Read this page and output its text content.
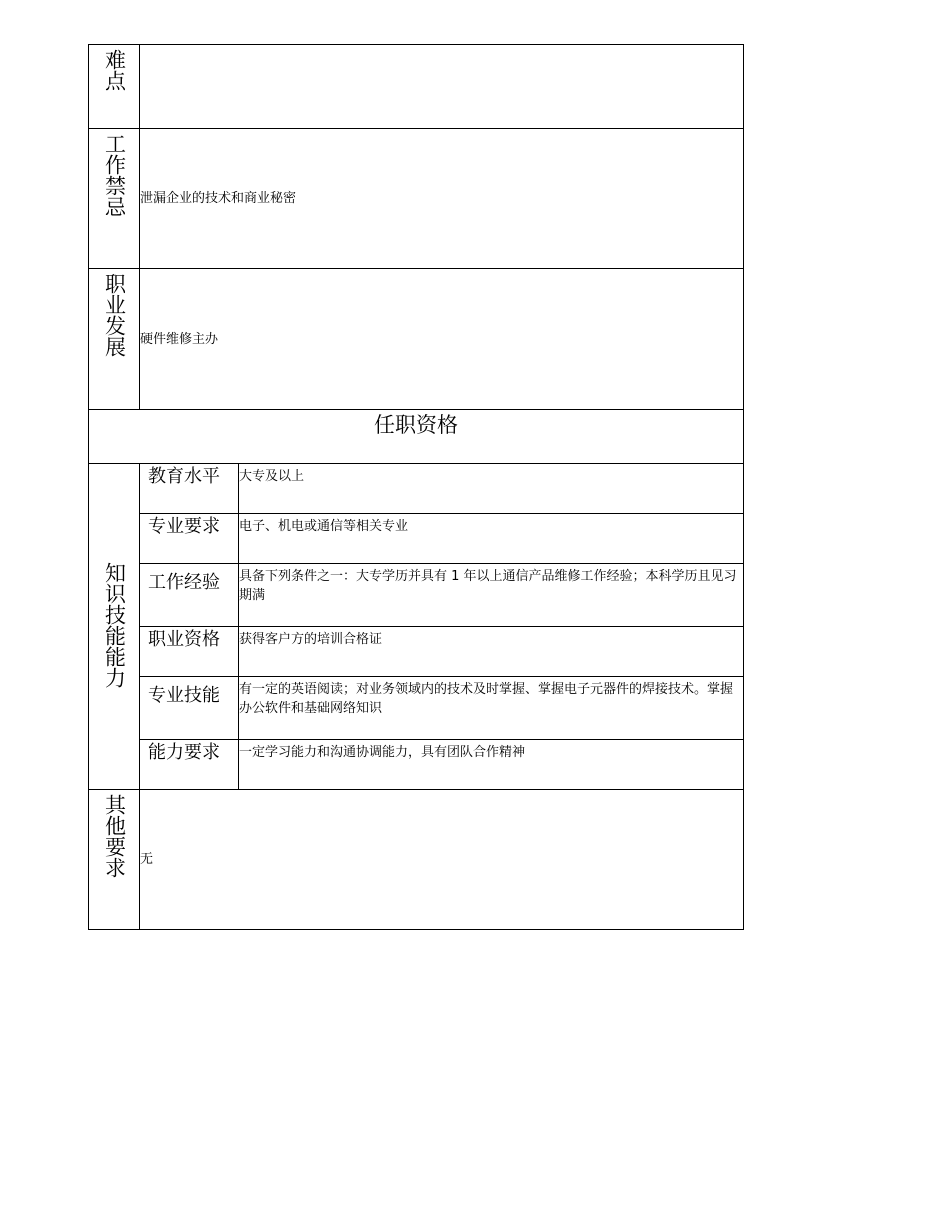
难点		
工作禁忌	泄漏企业的技术和商业秘密	
职业发展	硬件维修主办	
任职资格		
知识技能能力	教育水平	大专及以上
	专业要求	电子、机电或通信等相关专业
	工作经验	具备下列条件之一：大专学历并具有 1 年以上通信产品维修工作经验；本科学历且见习期满
	职业资格	获得客户方的培训合格证
	专业技能	有一定的英语阅读；对业务领域内的技术及时掌握、掌握电子元器件的焊接技术。掌握办公软件和基础网络知识
	能力要求	一定学习能力和沟通协调能力，具有团队合作精神
其他要求	无	
